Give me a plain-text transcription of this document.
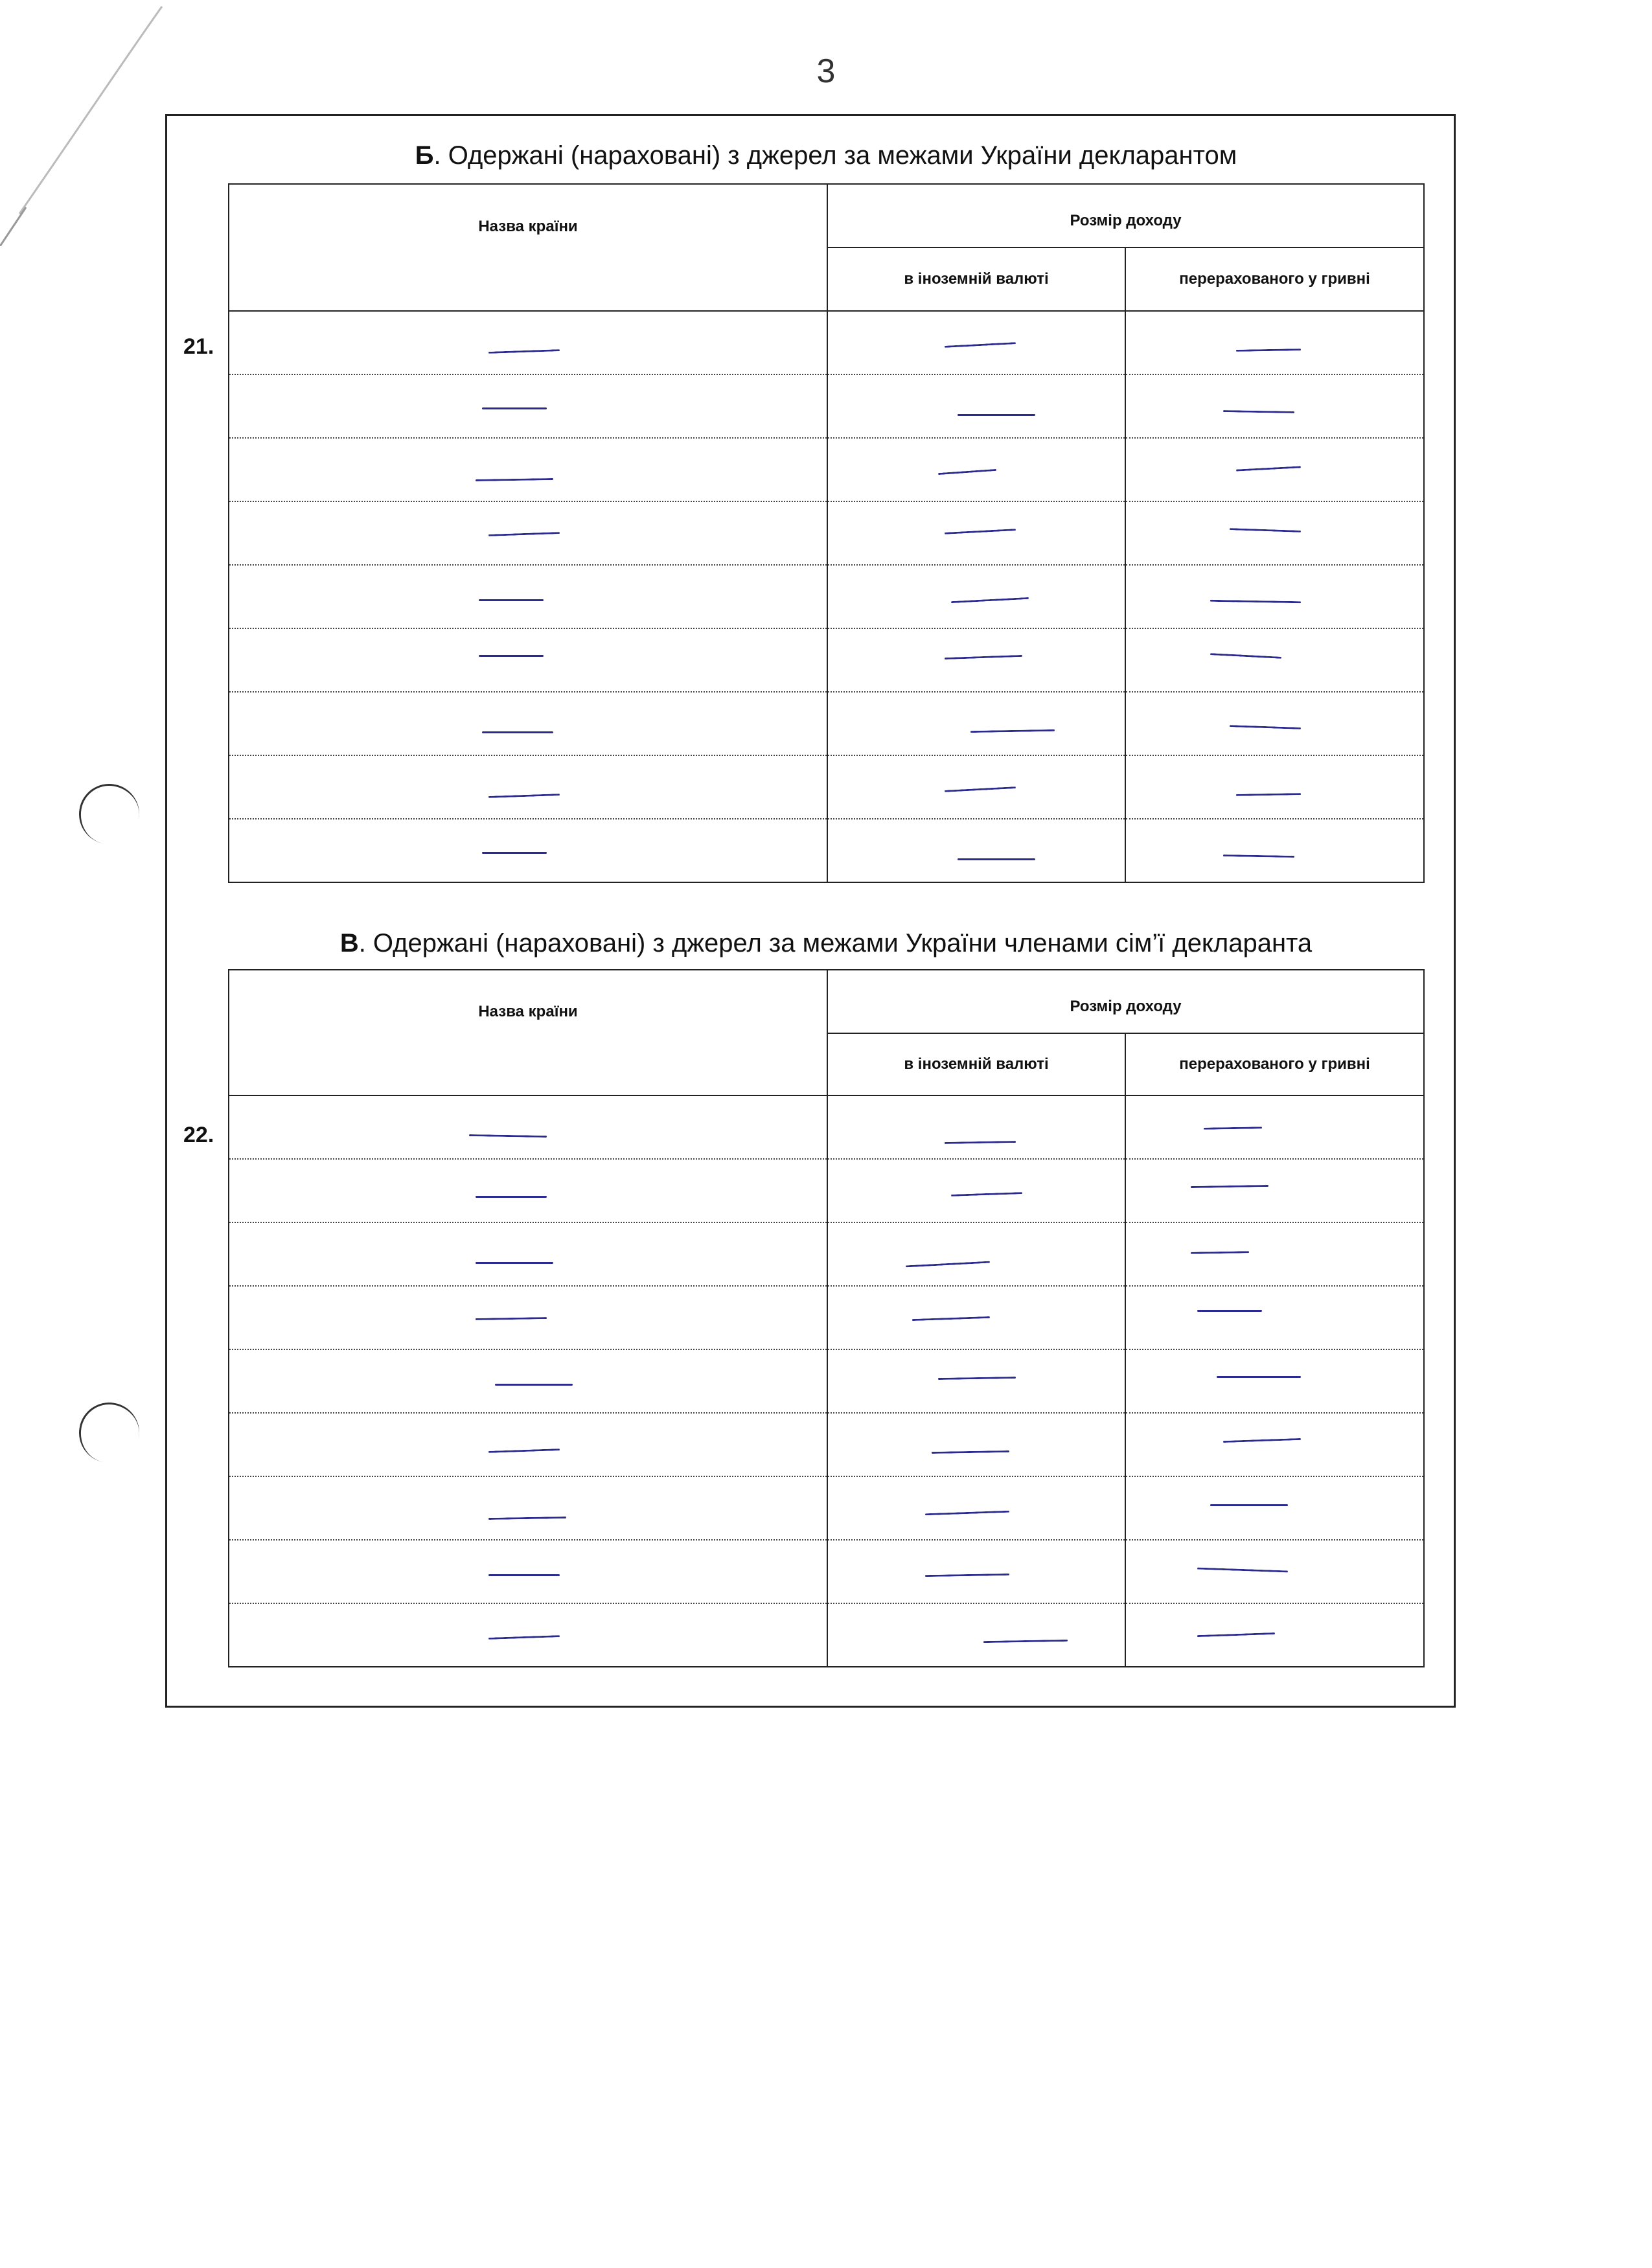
3
Б. Одержані (нараховані) з джерел за межами України декларантом
21.
Назва країни	Розмір доходу	

	в іноземній валюті	перерахованого у гривні

В. Одержані (нараховані) з джерел за межами України членами сім’ї декларанта
22.
Назва країни	Розмір доходу	

	в іноземній валюті	перерахованого у гривні
